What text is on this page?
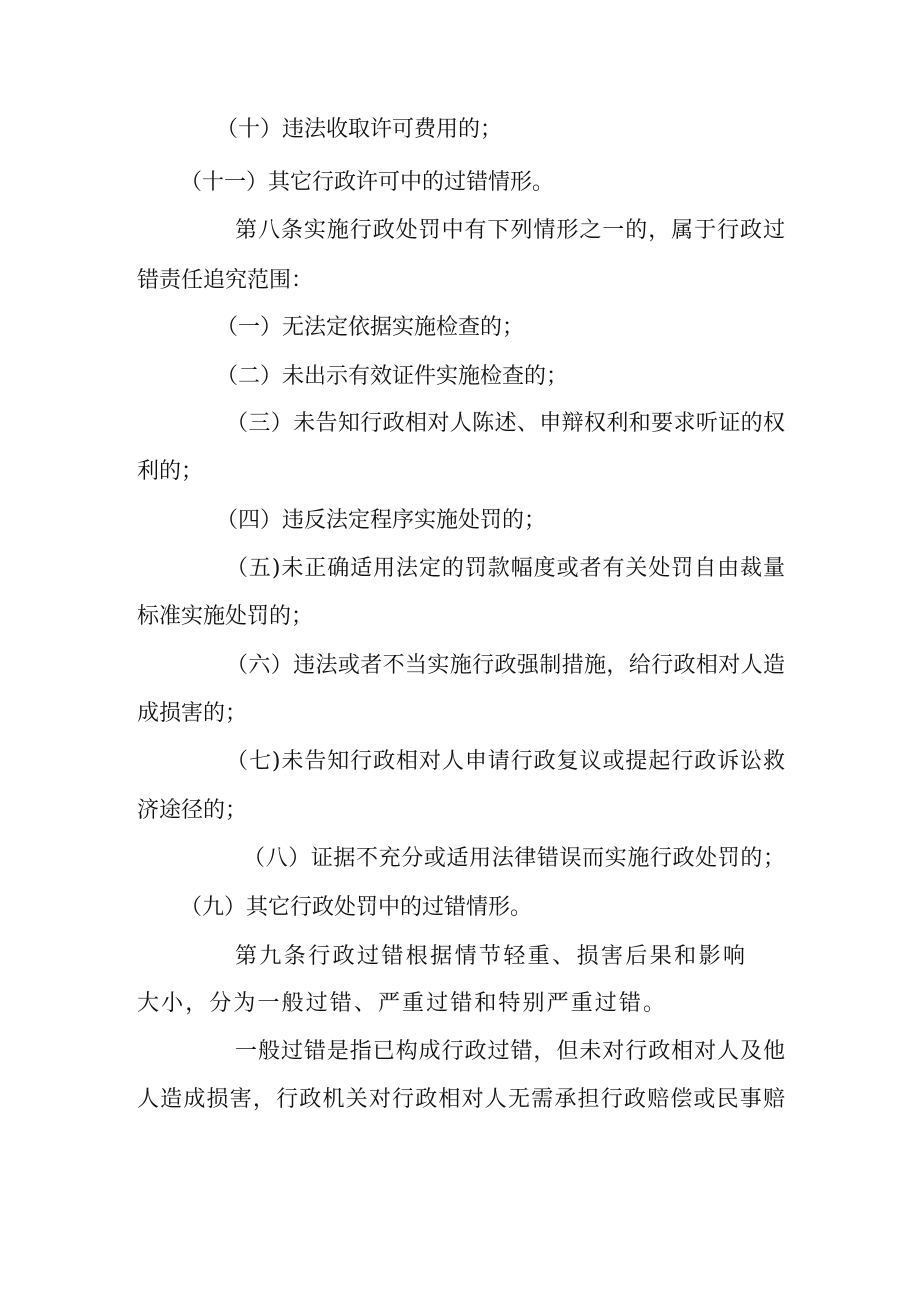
（十）违法收取许可费用的；
（十一）其它行政许可中的过错情形。
第八条实施行政处罚中有下列情形之一的，属于行政过
错责任追究范围：
（一）无法定依据实施检查的；
（二）未出示有效证件实施检查的；
（三）未告知行政相对人陈述、申辩权利和要求听证的权
利的；
（四）违反法定程序实施处罚的；
（五)未正确适用法定的罚款幅度或者有关处罚自由裁量
标准实施处罚的；
（六）违法或者不当实施行政强制措施，给行政相对人造
成损害的；
（七)未告知行政相对人申请行政复议或提起行政诉讼救
济途径的；
（八）证据不充分或适用法律错误而实施行政处罚的；
（九）其它行政处罚中的过错情形。
第九条行政过错根据情节轻重、损害后果和影响
大小，分为一般过错、严重过错和特别严重过错。
一般过错是指已构成行政过错，但未对行政相对人及他
人造成损害，行政机关对行政相对人无需承担行政赔偿或民事赔
